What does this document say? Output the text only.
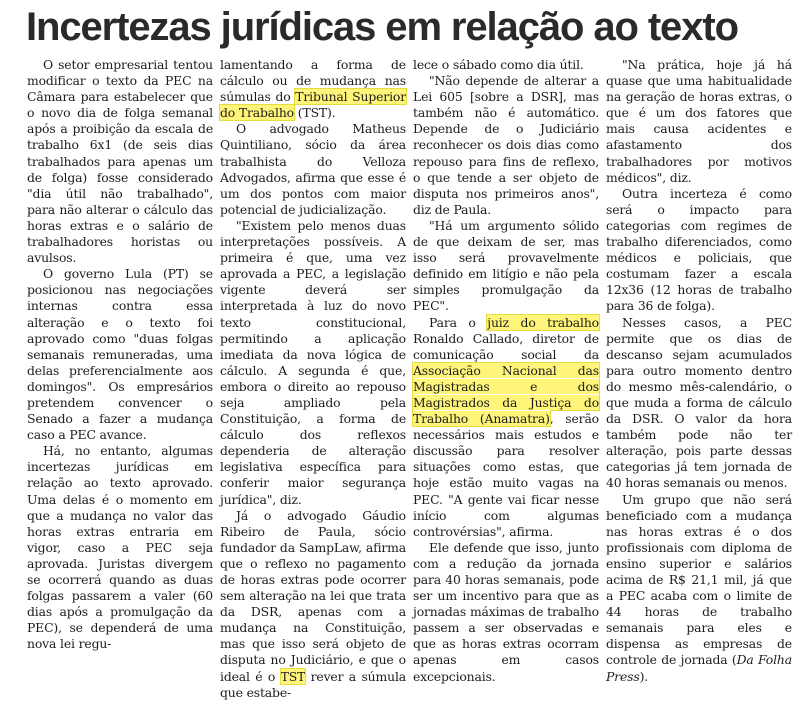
Incertezas jurídicas em relação ao texto

O setor empresarial tentou modificar o texto da PEC na Câmara para estabelecer que o novo dia de folga semanal após a proibição da escala de trabalho 6x1 (de seis dias trabalhados para apenas um de folga) fosse considerado "dia útil não trabalhado", para não alterar o cálculo das horas extras e o salário de trabalhadores horistas ou avulsos.

O governo Lula (PT) se posicionou nas negociações internas contra essa alteração e o texto foi aprovado como "duas folgas semanais remuneradas, uma delas preferencialmente aos domingos". Os empresários pretendem convencer o Senado a fazer a mudança caso a PEC avance.

Há, no entanto, algumas incertezas jurídicas em relação ao texto aprovado. Uma delas é o momento em que a mudança no valor das horas extras entraria em vigor, caso a PEC seja aprovada. Juristas divergem se ocorrerá quando as duas folgas passarem a valer (60 dias após a promulgação da PEC), se dependerá de uma nova lei regu-

lamentando a forma de cálculo ou de mudança nas súmulas do Tribunal Superior do Trabalho (TST).

O advogado Matheus Quintiliano, sócio da área trabalhista do Velloza Advogados, afirma que esse é um dos pontos com maior potencial de judicialização.

"Existem pelo menos duas interpretações possíveis. A primeira é que, uma vez aprovada a PEC, a legislação vigente deverá ser interpretada à luz do novo texto constitucional, permitindo a aplicação imediata da nova lógica de cálculo. A segunda é que, embora o direito ao repouso seja ampliado pela Constituição, a forma de cálculo dos reflexos dependeria de alteração legislativa específica para conferir maior segurança jurídica", diz.

Já o advogado Gáudio Ribeiro de Paula, sócio fundador da SampLaw, afirma que o reflexo no pagamento de horas extras pode ocorrer sem alteração na lei que trata da DSR, apenas com a mudança na Constituição, mas que isso será objeto de disputa no Judiciário, e que o ideal é o TST rever a súmula que estabe-

lece o sábado como dia útil.

"Não depende de alterar a Lei 605 [sobre a DSR], mas também não é automático. Depende de o Judiciário reconhecer os dois dias como repouso para fins de reflexo, o que tende a ser objeto de disputa nos primeiros anos", diz de Paula.

"Há um argumento sólido de que deixam de ser, mas isso será provavelmente definido em litígio e não pela simples promulgação da PEC".

Para o juiz do trabalho Ronaldo Callado, diretor de comunicação social da Associação Nacional das Magistradas e dos Magistrados da Justiça do Trabalho (Anamatra), serão necessários mais estudos e discussão para resolver situações como estas, que hoje estão muito vagas na PEC. "A gente vai ficar nesse início com algumas controvérsias", afirma.

Ele defende que isso, junto com a redução da jornada para 40 horas semanais, pode ser um incentivo para que as jornadas máximas de trabalho passem a ser observadas e que as horas extras ocorram apenas em casos excepcionais.

"Na prática, hoje já há quase que uma habitualidade na geração de horas extras, o que é um dos fatores que mais causa acidentes e afastamento dos trabalhadores por motivos médicos", diz.

Outra incerteza é como será o impacto para categorias com regimes de trabalho diferenciados, como médicos e policiais, que costumam fazer a escala 12x36 (12 horas de trabalho para 36 de folga).

Nesses casos, a PEC permite que os dias de descanso sejam acumulados para outro momento dentro do mesmo mês-calendário, o que muda a forma de cálculo da DSR. O valor da hora também pode não ter alteração, pois parte dessas categorias já tem jornada de 40 horas semanais ou menos.

Um grupo que não será beneficiado com a mudança nas horas extras é o dos profissionais com diploma de ensino superior e salários acima de R$ 21,1 mil, já que a PEC acaba com o limite de 44 horas de trabalho semanais para eles e dispensa as empresas de controle de jornada (Da Folha Press).
